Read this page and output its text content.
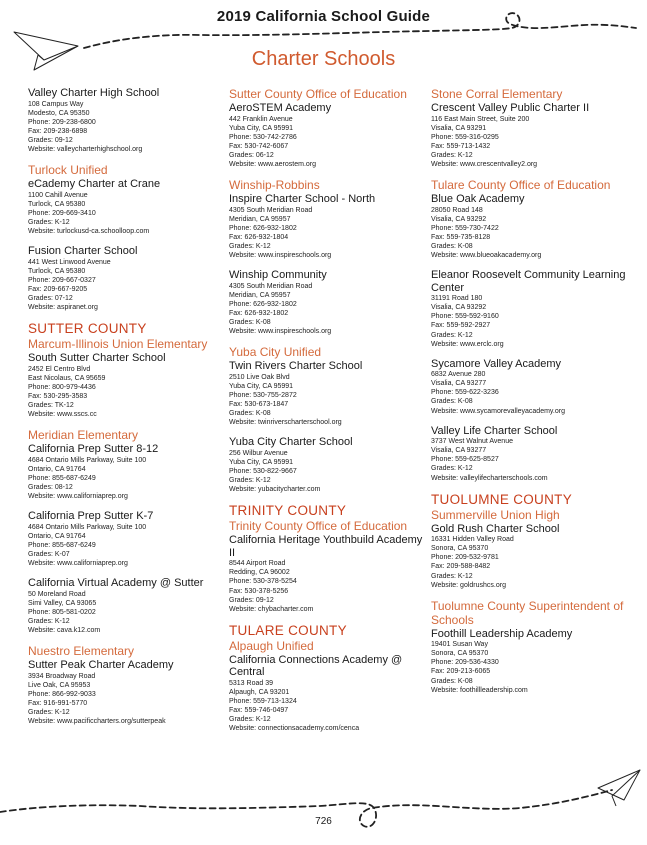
2019 California School Guide
Charter Schools
Valley Charter High School
108 Campus Way
Modesto, CA 95350
Phone: 209-238-6800
Fax: 209-238-6898
Grades: 09-12
Website: valleycharterhighschool.org
Turlock Unified
eCademy Charter at Crane
1100 Cahill Avenue
Turlock, CA 95380
Phone: 209-669-3410
Grades: K-12
Website: turlockusd-ca.schoolloop.com
Fusion Charter School
441 West Linwood Avenue
Turlock, CA 95380
Phone: 209-667-0327
Fax: 209-667-9205
Grades: 07-12
Website: aspiranet.org
SUTTER COUNTY
Marcum-Illinois Union Elementary
South Sutter Charter School
2452 El Centro Blvd
East Nicolaus, CA 95659
Phone: 800-979-4436
Fax: 530-295-3583
Grades: TK-12
Website: www.sscs.cc
Meridian Elementary
California Prep Sutter 8-12
4684 Ontario Mills Parkway, Suite 100
Ontario, CA 91764
Phone: 855-687-6249
Grades: 08-12
Website: www.californiaprep.org
California Prep Sutter K-7
4684 Ontario Mills Parkway, Suite 100
Ontario, CA 91764
Phone: 855-687-6249
Grades: K-07
Website: www.californiaprep.org
California Virtual Academy @ Sutter
50 Moreland Road
Simi Valley, CA 93065
Phone: 805-581-0202
Grades: K-12
Website: cava.k12.com
Nuestro Elementary
Sutter Peak Charter Academy
3934 Broadway Road
Live Oak, CA 95953
Phone: 866-992-9033
Fax: 916-991-5770
Grades: K-12
Website: www.pacificcharters.org/sutterpeak
Sutter County Office of Education
AeroSTEM Academy
442 Franklin Avenue
Yuba City, CA 95991
Phone: 530-742-2786
Fax: 530-742-6067
Grades: 06-12
Website: www.aerostem.org
Winship-Robbins
Inspire Charter School - North
4305 South Meridian Road
Meridian, CA 95957
Phone: 626-932-1802
Fax: 626-932-1804
Grades: K-12
Website: www.inspireschools.org
Winship Community
4305 South Meridian Road
Meridian, CA 95957
Phone: 626-932-1802
Fax: 626-932-1802
Grades: K-08
Website: www.inspireschools.org
Yuba City Unified
Twin Rivers Charter School
2510 Live Oak Blvd
Yuba City, CA 95991
Phone: 530-755-2872
Fax: 530-673-1847
Grades: K-08
Website: twinriverscharterschool.org
Yuba City Charter School
256 Wilbur Avenue
Yuba City, CA 95991
Phone: 530-822-9667
Grades: K-12
Website: yubacitycharter.com
TRINITY COUNTY
Trinity County Office of Education
California Heritage Youthbuild Academy II
8544 Airport Road
Redding, CA 96002
Phone: 530-378-5254
Fax: 530-378-5256
Grades: 09-12
Website: chybacharter.com
TULARE COUNTY
Alpaugh Unified
California Connections Academy @ Central
5313 Road 39
Alpaugh, CA 93201
Phone: 559-713-1324
Fax: 559-746-0497
Grades: K-12
Website: connectionsacademy.com/cenca
Stone Corral Elementary
Crescent Valley Public Charter II
116 East Main Street, Suite 200
Visalia, CA 93291
Phone: 559-316-0295
Fax: 559-713-1432
Grades: K-12
Website: www.crescentvalley2.org
Tulare County Office of Education
Blue Oak Academy
28050 Road 148
Visalia, CA 93292
Phone: 559-730-7422
Fax: 559-735-8128
Grades: K-08
Website: www.blueoakacademy.org
Eleanor Roosevelt Community Learning Center
31191 Road 180
Visalia, CA 93292
Phone: 559-592-9160
Fax: 559-592-2927
Grades: K-12
Website: www.erclc.org
Sycamore Valley Academy
6832 Avenue 280
Visalia, CA 93277
Phone: 559-622-3236
Grades: K-08
Website: www.sycamorevalleyacademy.org
Valley Life Charter School
3737 West Walnut Avenue
Visalia, CA 93277
Phone: 559-625-8527
Grades: K-12
Website: valleylifecharterschools.com
TUOLUMNE COUNTY
Summerville Union High
Gold Rush Charter School
16331 Hidden Valley Road
Sonora, CA 95370
Phone: 209-532-9781
Fax: 209-588-8482
Grades: K-12
Website: goldrushcs.org
Tuolumne County Superintendent of Schools
Foothill Leadership Academy
19401 Susan Way
Sonora, CA 95370
Phone: 209-536-4330
Fax: 209-213-6065
Grades: K-08
Website: foothillleadership.com
726
